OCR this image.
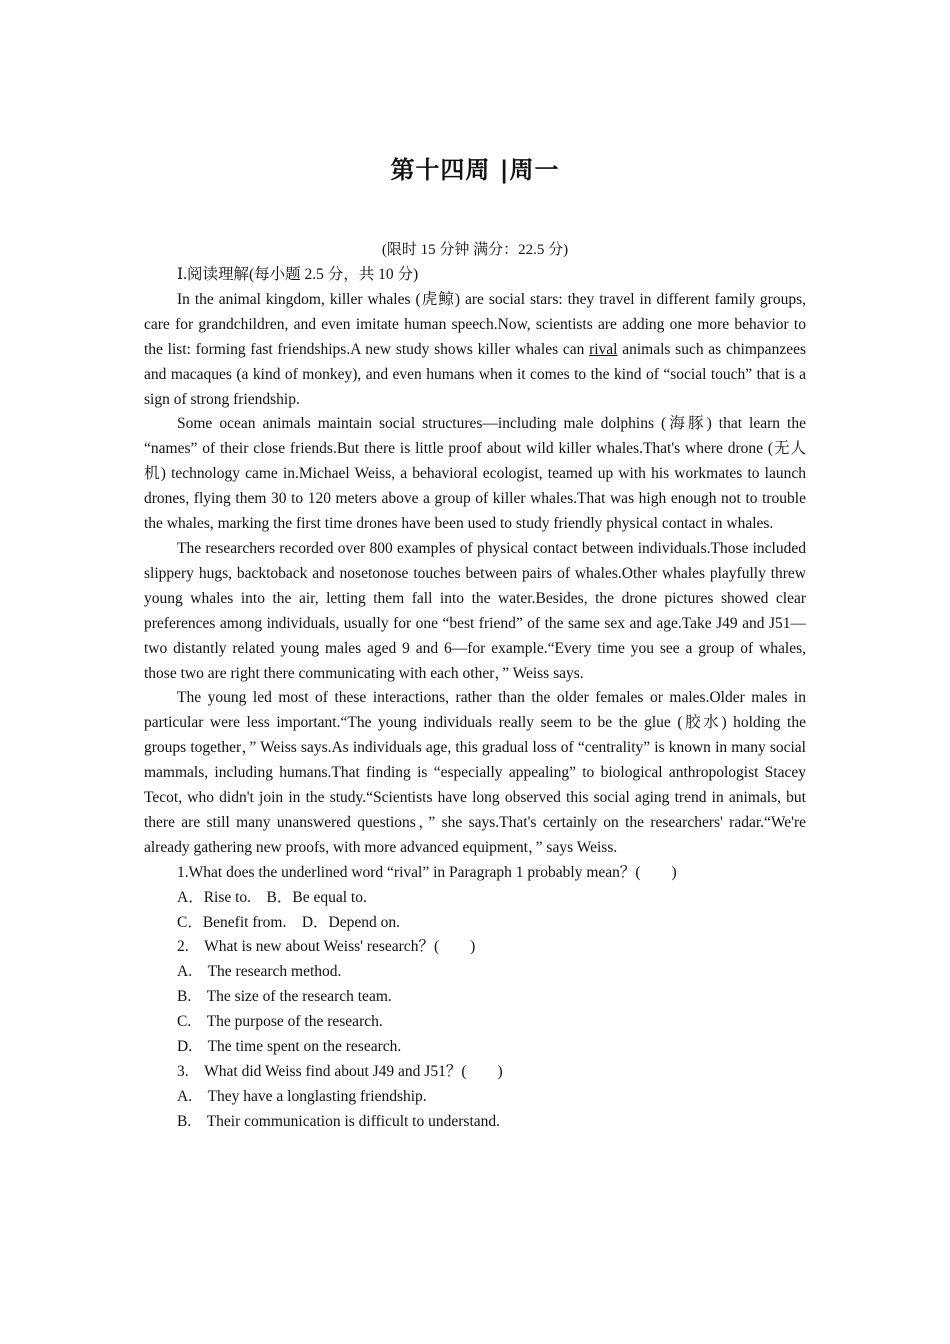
第十四周 |周一
(限时 15 分钟 满分：22.5 分)

Ⅰ.阅读理解(每小题 2.5 分，共 10 分)

In the animal kingdom, killer whales (虎鲸) are social stars: they travel in different family groups, care for grandchildren, and even imitate human speech.Now, scientists are adding one more behavior to the list: forming fast friendships.A new study shows killer whales can rival animals such as chimpanzees and macaques (a kind of monkey), and even humans when it comes to the kind of “social touch” that is a sign of strong friendship.

Some ocean animals maintain social structures—including male dolphins (海豚) that learn the “names” of their close friends.But there is little proof about wild killer whales.That's where drone (无人机) technology came in.Michael Weiss, a behavioral ecologist, teamed up with his workmates to launch drones, flying them 30 to 120 meters above a group of killer whales.That was high enough not to trouble the whales, marking the first time drones have been used to study friendly physical contact in whales.

The researchers recorded over 800 examples of physical contact between individuals.Those included slippery hugs, backtoback and nosetonose touches between pairs of whales.Other whales playfully threw young whales into the air, letting them fall into the water.Besides, the drone pictures showed clear preferences among individuals, usually for one “best friend” of the same sex and age.Take J49 and J51—two distantly related young males aged 9 and 6—for example.“Every time you see a group of whales, those two are right there communicating with each other，” Weiss says.

The young led most of these interactions, rather than the older females or males.Older males in particular were less important.“The young individuals really seem to be the glue (胶水) holding the groups together，” Weiss says.As individuals age, this gradual loss of “centrality” is known in many social mammals, including humans.That finding is “especially appealing” to biological anthropologist Stacey Tecot, who didn't join in the study.“Scientists have long observed this social aging trend in animals, but there are still many unanswered questions，” she says.That's certainly on the researchers' radar.“We're already gathering new proofs, with more advanced equipment，” says Weiss.

1.What does the underlined word “rival” in Paragraph 1 probably mean？(　　)

A．Rise to.　B．Be equal to.

C．Benefit from.　D．Depend on.

2.　What is new about Weiss' research？(　　)

A.　The research method.

B.　The size of the research team.

C.　The purpose of the research.

D.　The time spent on the research.

3.　What did Weiss find about J49 and J51？(　　)

A.　They have a longlasting friendship.

B.　Their communication is difficult to understand.
